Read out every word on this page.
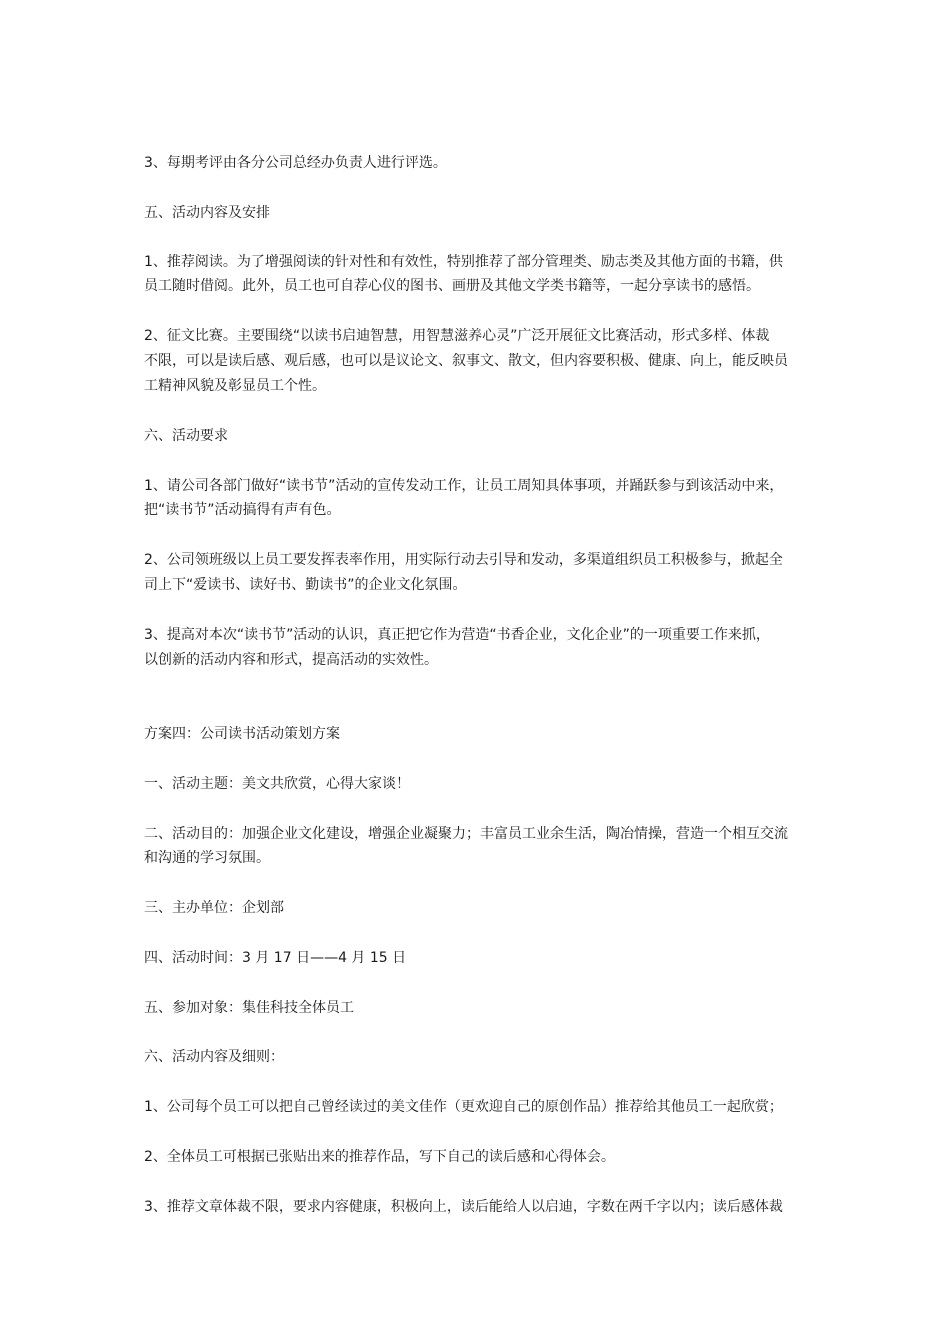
3、每期考评由各分公司总经办负责人进行评选。
五、活动内容及安排
1、推荐阅读。为了增强阅读的针对性和有效性，特别推荐了部分管理类、励志类及其他方面的书籍，供
员工随时借阅。此外，员工也可自荐心仪的图书、画册及其他文学类书籍等，一起分享读书的感悟。
2、征文比赛。主要围绕“以读书启迪智慧，用智慧滋养心灵”广泛开展征文比赛活动，形式多样、体裁
不限，可以是读后感、观后感，也可以是议论文、叙事文、散文，但内容要积极、健康、向上，能反映员
工精神风貌及彰显员工个性。
六、活动要求
1、请公司各部门做好“读书节”活动的宣传发动工作，让员工周知具体事项，并踊跃参与到该活动中来，
把“读书节”活动搞得有声有色。
2、公司领班级以上员工要发挥表率作用，用实际行动去引导和发动，多渠道组织员工积极参与，掀起全
司上下“爱读书、读好书、勤读书”的企业文化氛围。
3、提高对本次“读书节”活动的认识，真正把它作为营造“书香企业，文化企业”的一项重要工作来抓，
以创新的活动内容和形式，提高活动的实效性。
方案四：公司读书活动策划方案
一、活动主题：美文共欣赏，心得大家谈！
二、活动目的：加强企业文化建设，增强企业凝聚力；丰富员工业余生活，陶冶情操，营造一个相互交流
和沟通的学习氛围。
三、主办单位：企划部
四、活动时间：3 月 17 日——4 月 15 日
五、参加对象：集佳科技全体员工
六、活动内容及细则：
1、公司每个员工可以把自己曾经读过的美文佳作（更欢迎自己的原创作品）推荐给其他员工一起欣赏；
2、全体员工可根据已张贴出来的推荐作品，写下自己的读后感和心得体会。
3、推荐文章体裁不限，要求内容健康，积极向上，读后能给人以启迪，字数在两千字以内；读后感体裁
